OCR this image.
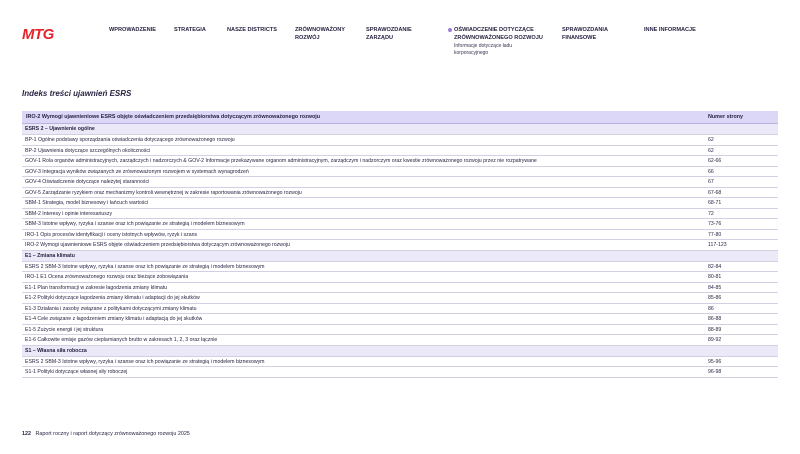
MTG	WPROWADZENIE	STRATEGIA	NASZE DISTRICTS	ZRÓWNOWAŻONY ROZWÓJ
SPRAWOZDANIE ZARZĄDU
OŚWIADCZENIE DOTYCZĄCE ZRÓWNOWAŻONEGO ROZWOJU
Informacje dotyczące ładu korporacyjnego
SPRAWOZDANIA FINANSOWE
INNE INFORMACJE
Indeks treści ujawnień ESRS
IRO-2 Wymogi ujawnieniowe ESRS objęte oświadczeniem przedsiębiorstwa dotyczącym zrównoważonego rozwoju	Numer strony
ESRS 2 – Ujawnienie ogólne
BP-1 Ogólne podstawy sporządzania oświadczenia dotyczącego zrównoważonego rozwoju	62
BP-2 Ujawnienia dotyczące szczególnych okoliczności	62
GOV-1 Rola organów administracyjnych, zarządczych i nadzorczych & GOV-2 Informacje przekazywane organom administracyjnym, zarządczym i nadzorczym oraz kwestie zrównoważonego rozwoju przez nie rozpatrywane	62-66
GOV-3 Integracja wyników związanych ze zrównoważonym rozwojem w systemach wynagrodzeń	66
GOV-4 Oświadczenie dotyczące należytej staranności	67
GOV-5 Zarządzanie ryzykiem oraz mechanizmy kontroli wewnętrznej w zakresie raportowania zrównoważonego rozwoju	67-68
SBM-1 Strategia, model biznesowy i łańcuch wartości	68-71
SBM-2 Interesy i opinie interesariuszy	72
SBM-3 Istotne wpływy, ryzyka i szanse oraz ich powiązanie ze strategią i modelem biznesowym	73-76
IRO-1 Opis procesów identyfikacji i oceny istotnych wpływów, ryzyk i szans	77-80
IRO-2 Wymogi ujawnieniowe ESRS objęte oświadczeniem przedsiębiorstwa dotyczącym zrównoważonego rozwoju	117-123
E1 – Zmiana klimatu
ESRS 2 SBM-3 Istotne wpływy, ryzyka i szanse oraz ich powiązanie ze strategią i modelem biznesowym	82-84
IRO-1 E1 Ocena zrównoważonego rozwoju oraz bieżące zobowiązania	80-81
E1-1 Plan transformacji w zakresie łagodzenia zmiany klimatu	84-85
E1-2 Polityki dotyczące łagodzenia zmiany klimatu i adaptacji do jej skutków	85-86
E1-3 Działania i zasoby związane z politykami dotyczącymi zmiany klimatu	86
E1-4 Cele związane z łagodzeniem zmiany klimatu i adaptacją do jej skutków	86-88
E1-5 Zużycie energii i jej struktura	88-89
E1-6 Całkowite emisje gazów cieplarnianych brutto w zakresach 1, 2, 3 oraz łącznie	89-92
S1 – Własna siła robocza
ESRS 2 SBM-3 Istotne wpływy, ryzyka i szanse oraz ich powiązanie ze strategią i modelem biznesowym	95-96
S1-1 Polityki dotyczące własnej siły roboczej	96-98
122 Raport roczny i raport dotyczący zrównoważonego rozwoju 2025
